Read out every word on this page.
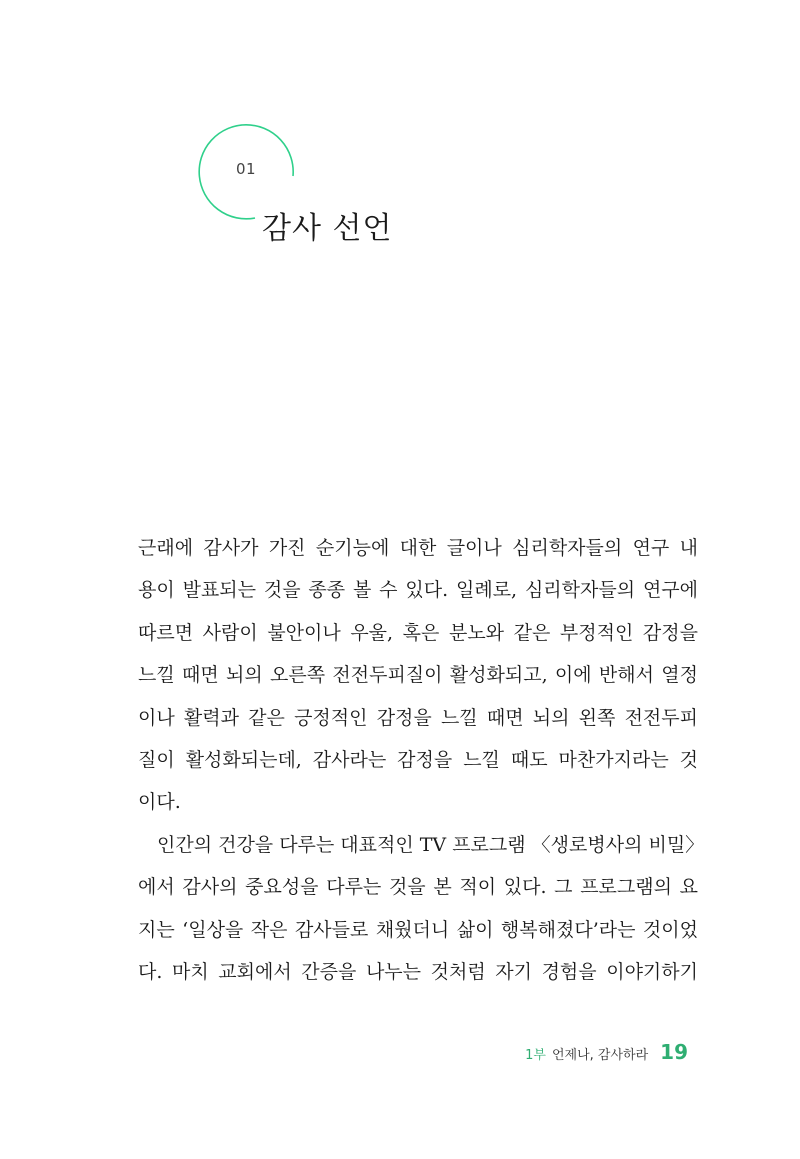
01
감사 선언
근래에 감사가 가진 순기능에 대한 글이나 심리학자들의 연구 내
용이 발표되는 것을 종종 볼 수 있다. 일례로, 심리학자들의 연구에
따르면 사람이 불안이나 우울, 혹은 분노와 같은 부정적인 감정을
느낄 때면 뇌의 오른쪽 전전두피질이 활성화되고, 이에 반해서 열정
이나 활력과 같은 긍정적인 감정을 느낄 때면 뇌의 왼쪽 전전두피
질이 활성화되는데, 감사라는 감정을 느낄 때도 마찬가지라는 것
이다.
인간의 건강을 다루는 대표적인 TV 프로그램 〈생로병사의 비밀〉
에서 감사의 중요성을 다루는 것을 본 적이 있다. 그 프로그램의 요
지는 ‘일상을 작은 감사들로 채웠더니 삶이 행복해졌다’라는 것이었
다. 마치 교회에서 간증을 나누는 것처럼 자기 경험을 이야기하기
1부 언제나, 감사하라 19
